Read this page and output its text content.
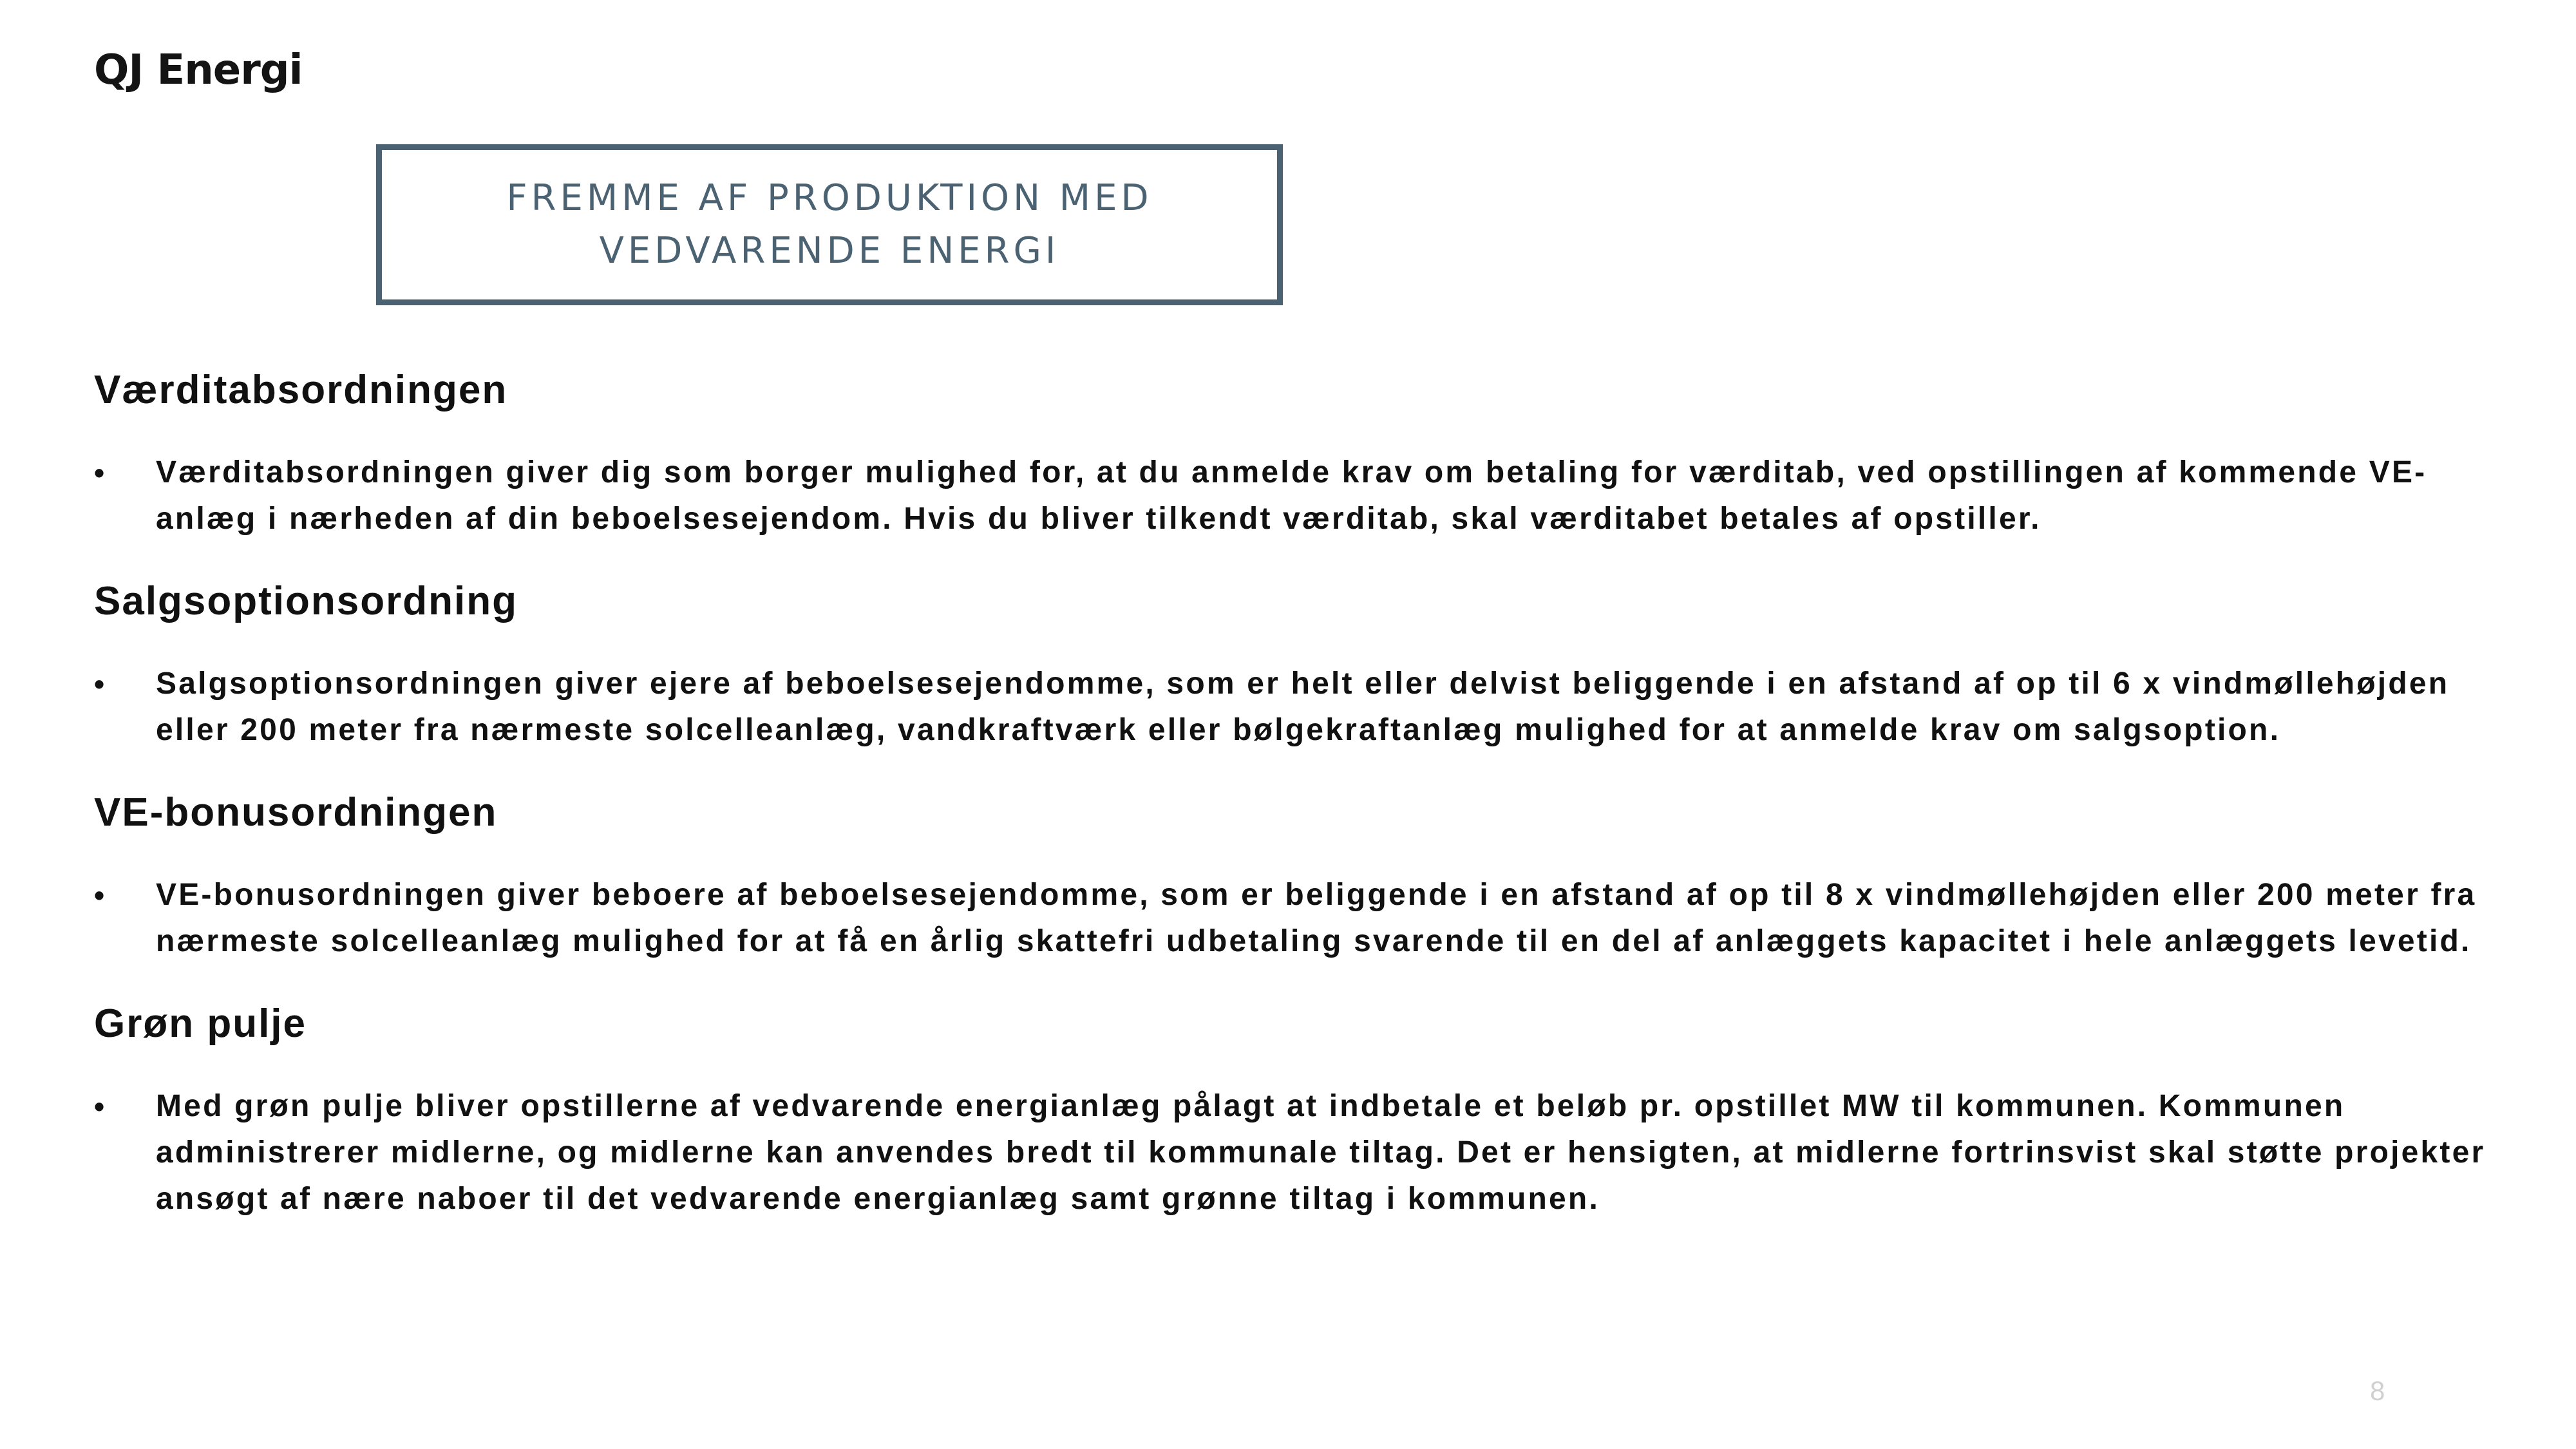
QJ Energi
FREMME AF PRODUKTION MED
VEDVARENDE ENERGI
Værditabsordningen
•	Værditabsordningen giver dig som borger mulighed for, at du anmelde krav om betaling for værditab, ved opstillingen af kommende VE-anlæg i nærheden af din beboelsesejendom. Hvis du bliver tilkendt værditab, skal værditabet betales af opstiller.
Salgsoptionsordning
•	Salgsoptionsordningen giver ejere af beboelsesejendomme, som er helt eller delvist beliggende i en afstand af op til 6 x vindmøllehøjden eller 200 meter fra nærmeste solcelleanlæg, vandkraftværk eller bølgekraftanlæg mulighed for at anmelde krav om salgsoption.
VE-bonusordningen
•	VE-bonusordningen giver beboere af beboelsesejendomme, som er beliggende i en afstand af op til 8 x vindmøllehøjden eller 200 meter fra nærmeste solcelleanlæg mulighed for at få en årlig skattefri udbetaling svarende til en del af anlæggets kapacitet i hele anlæggets levetid.
Grøn pulje
•	Med grøn pulje bliver opstillerne af vedvarende energianlæg pålagt at indbetale et beløb pr. opstillet MW til kommunen. Kommunen administrerer midlerne, og midlerne kan anvendes bredt til kommunale tiltag. Det er hensigten, at midlerne fortrinsvist skal støtte projekter ansøgt af nære naboer til det vedvarende energianlæg samt grønne tiltag i kommunen.
8
